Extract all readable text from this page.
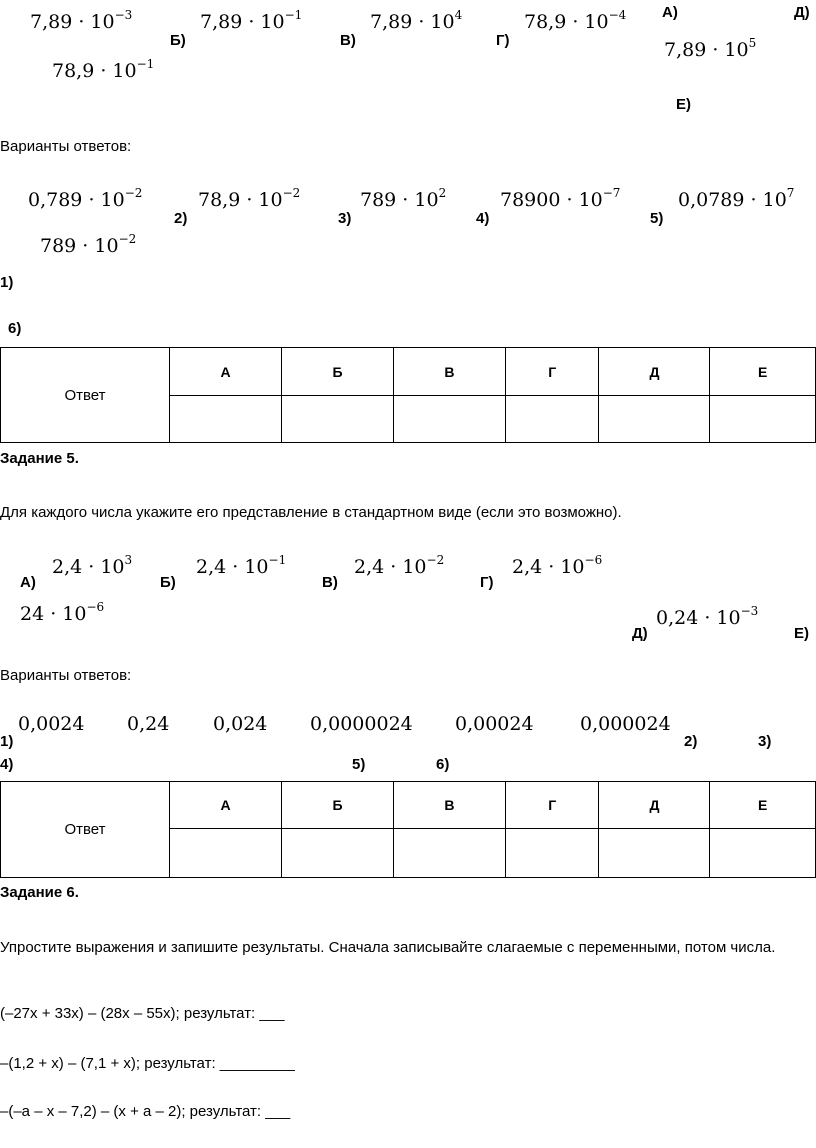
$7,89 \cdot 10^{-3}$	$7,89 \cdot 10^{-1}$	$7,89 \cdot 10^4$	$78,9 \cdot 10^{-4}$
$7,89 \cdot 10^5$
$78,9 \cdot 10^{-1}$
А)
Б)	В)	Г)
Д)
Е)
Варианты ответов:
$0,789 \cdot 10^{-2}$	$78,9 \cdot 10^{-2}$	$789 \cdot 10^2$	$78900 \cdot 10^{-7}$	$0,0789 \cdot 10^7$
$789 \cdot 10^{-2}$
1)
2)	3)	4)	5)
6)
Ответ	А	Б	В	Г	Д	Е

Задание 5.
Для каждого числа укажите его представление в стандартном виде (если это возможно).
$2,4 \cdot 10^3$	$2,4 \cdot 10^{-1}$	$2,4 \cdot 10^{-2}$	$2,4 \cdot 10^{-6}$
$24 \cdot 10^{-6}$	$0,24 \cdot 10^{-3}$
А)	Б)	В)	Г)
Д)	Е)
Варианты ответов:
0,0024 0,24 0,024 0,0000024 0,00024 0,000024
1)	2)	3)
4)	5)	6)
Ответ	А	Б	В	Г	Д	Е

Задание 6.
Упростите выражения и запишите результаты. Сначала записывайте слагаемые с переменными, потом числа.
(–27x + 33x) – (28x – 55x); результат: ___
–(1,2 + x) – (7,1 + x); результат: _________
–(–a – x – 7,2) – (x + a – 2); результат: ___
